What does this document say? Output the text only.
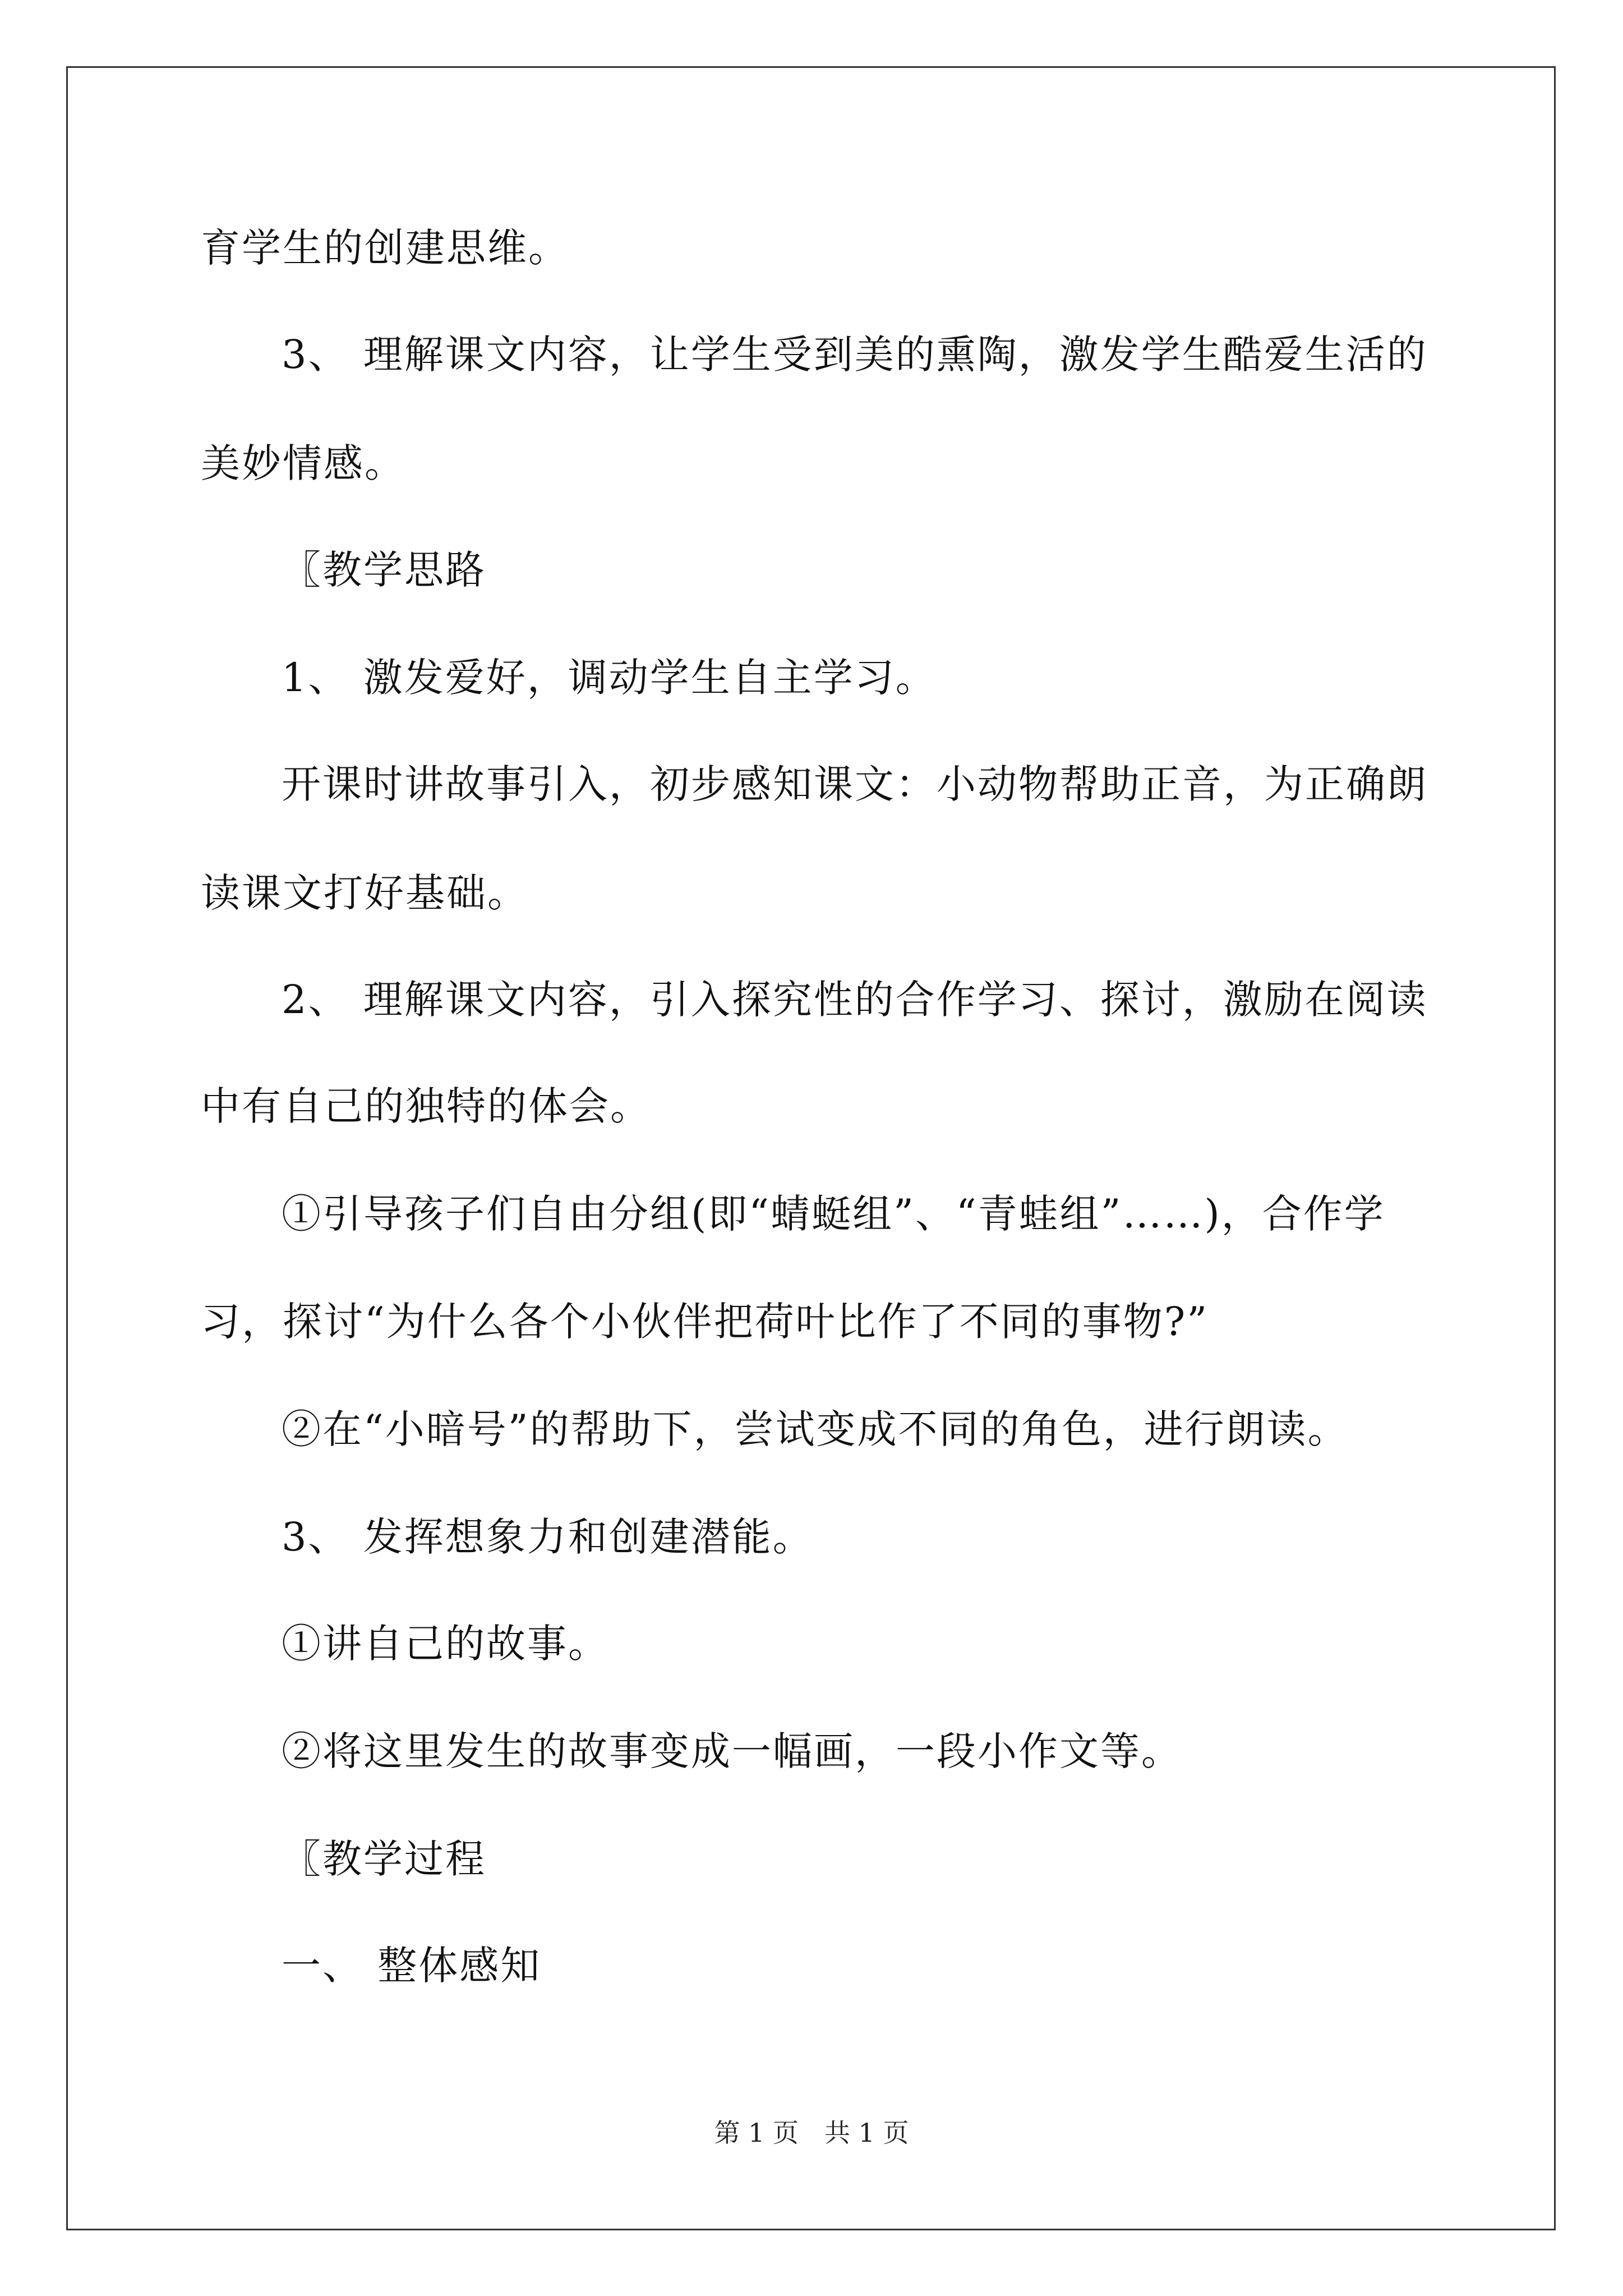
育学生的创建思维。
3、 理解课文内容，让学生受到美的熏陶，激发学生酷爱生活的
美妙情感。
〖教学思路
1、 激发爱好，调动学生自主学习。
开课时讲故事引入，初步感知课文：小动物帮助正音，为正确朗
读课文打好基础。
2、 理解课文内容，引入探究性的合作学习、探讨，激励在阅读
中有自己的独特的体会。
①引导孩子们自由分组(即“蜻蜓组”、“青蛙组”……)，合作学
习，探讨“为什么各个小伙伴把荷叶比作了不同的事物?”
②在“小暗号”的帮助下，尝试变成不同的角色，进行朗读。
3、 发挥想象力和创建潜能。
①讲自己的故事。
②将这里发生的故事变成一幅画，一段小作文等。
〖教学过程
一、 整体感知
第 1 页　共 1 页
